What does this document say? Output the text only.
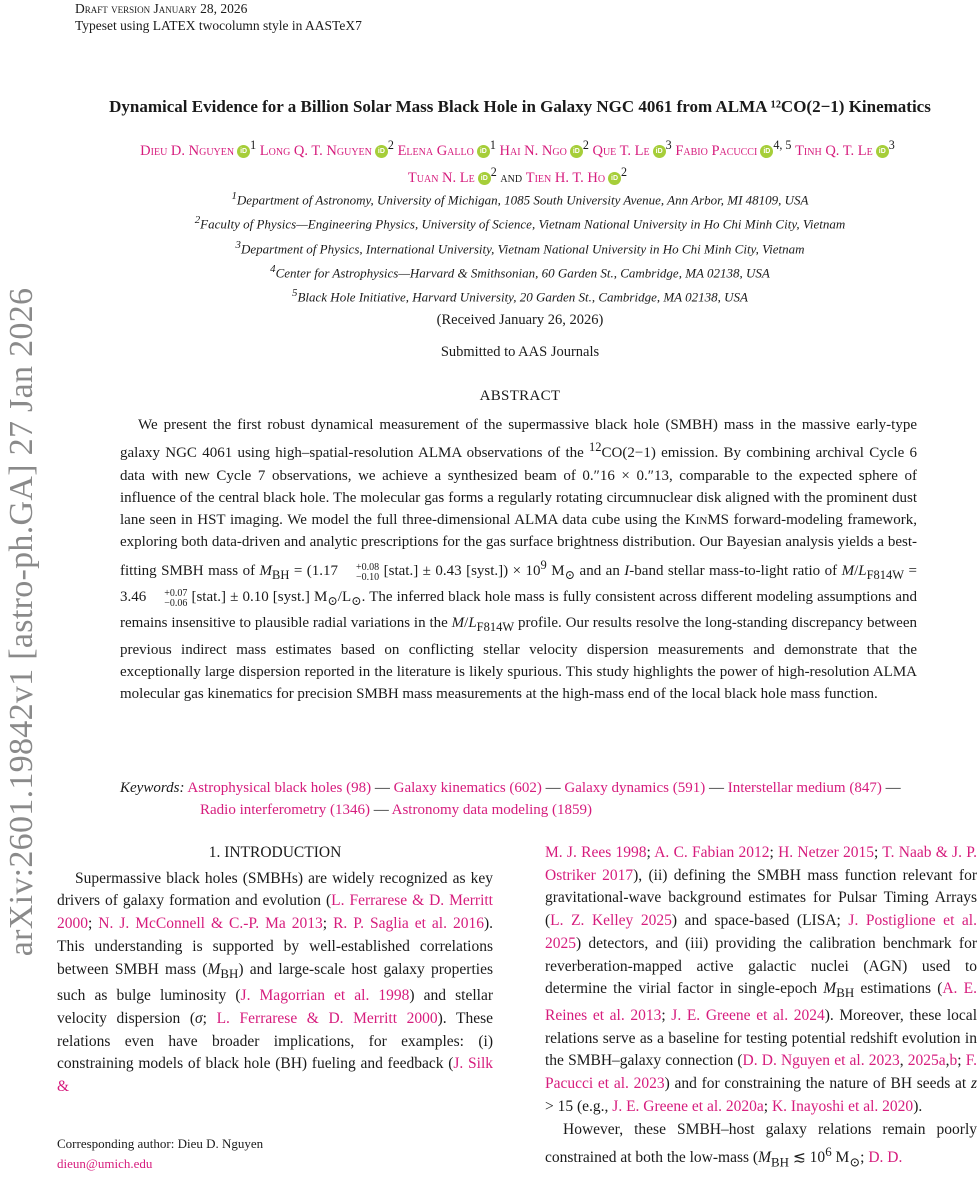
Draft version January 28, 2026
Typeset using LATEX twocolumn style in AASTeX7
arXiv:2601.19842v1 [astro-ph.GA] 27 Jan 2026
Dynamical Evidence for a Billion Solar Mass Black Hole in Galaxy NGC 4061 from ALMA ¹²CO(2−1) Kinematics
Dieu D. Nguyen iD $^1$ Long Q. T. Nguyen iD $^2$ Elena Gallo iD $^1$ Hai N. Ngo iD $^2$ Que T. Le iD $^3$ Fabio Pacucci iD $^{4, 5}$ Tinh Q. T. Le iD $^3$
Tuan N. Le iD $^2$ and Tien H. T. Ho iD $^2$
$^1$Department of Astronomy, University of Michigan, 1085 South University Avenue, Ann Arbor, MI 48109, USA
$^2$Faculty of Physics—Engineering Physics, University of Science, Vietnam National University in Ho Chi Minh City, Vietnam
$^3$Department of Physics, International University, Vietnam National University in Ho Chi Minh City, Vietnam
$^4$Center for Astrophysics—Harvard & Smithsonian, 60 Garden St., Cambridge, MA 02138, USA
$^5$Black Hole Initiative, Harvard University, 20 Garden St., Cambridge, MA 02138, USA
(Received January 26, 2026)
Submitted to AAS Journals
ABSTRACT

We present the first robust dynamical measurement of the supermassive black hole (SMBH) mass in the massive early-type galaxy NGC 4061 using high–spatial-resolution ALMA observations of the $^{12}$CO(2−1) emission. By combining archival Cycle 6 data with new Cycle 7 observations, we achieve a synthesized beam of 0.″16 × 0.″13, comparable to the expected sphere of influence of the central black hole. The molecular gas forms a regularly rotating circumnuclear disk aligned with the prominent dust lane seen in HST imaging. We model the full three-dimensional ALMA data cube using the KinMS forward-modeling framework, exploring both data-driven and analytic prescriptions for the gas surface brightness distribution. Our Bayesian analysis yields a best-fitting SMBH mass of $M_{BH} = (1.17$	+0.08
−0.10 [stat.] ± 0.43 [syst.]) × $10^9$ $M_⊙$ and an I-band stellar mass-to-light ratio of $M/L_{F814W} = 3.46$	+0.07
−0.06 [stat.] ± 0.10 [syst.] $M_⊙/L_⊙$. The inferred black hole mass is fully consistent across different modeling assumptions and remains insensitive to plausible radial variations in the $M/L_{F814W}$ profile. Our results resolve the long-standing discrepancy between previous indirect mass estimates based on conflicting stellar velocity dispersion measurements and demonstrate that the exceptionally large dispersion reported in the literature is likely spurious. This study highlights the power of high-resolution ALMA molecular gas kinematics for precision SMBH mass measurements at the high-mass end of the local black hole mass function.

Keywords: Astrophysical black holes (98) — Galaxy kinematics (602) — Galaxy dynamics (591) — Interstellar medium (847) — Radio interferometry (1346) — Astronomy data modeling (1859)
1. INTRODUCTION

Supermassive black holes (SMBHs) are widely recognized as key drivers of galaxy formation and evolution (L. Ferrarese & D. Merritt 2000; N. J. McConnell & C.-P. Ma 2013; R. P. Saglia et al. 2016). This understanding is supported by well-established correlations between SMBH mass $(M_{BH})$ and large-scale host galaxy properties such as bulge luminosity (J. Magorrian et al. 1998) and stellar velocity dispersion (σ; L. Ferrarese & D. Merritt 2000). These relations even have broader implications, for examples: (i) constraining models of black hole (BH) fueling and feedback (J. Silk &

M. J. Rees 1998; A. C. Fabian 2012; H. Netzer 2015; T. Naab & J. P. Ostriker 2017), (ii) defining the SMBH mass function relevant for gravitational-wave background estimates for Pulsar Timing Arrays (L. Z. Kelley 2025) and space-based (LISA; J. Postiglione et al. 2025) detectors, and (iii) providing the calibration benchmark for reverberation-mapped active galactic nuclei (AGN) used to determine the virial factor in single-epoch $M_{BH}$ estimations (A. E. Reines et al. 2013; J. E. Greene et al. 2024). Moreover, these local relations serve as a baseline for testing potential redshift evolution in the SMBH–galaxy connection (D. D. Nguyen et al. 2023, 2025a,b; F. Pacucci et al. 2023) and for constraining the nature of BH seeds at z > 15 (e.g., J. E. Greene et al. 2020a; K. Inayoshi et al. 2020).

However, these SMBH–host galaxy relations remain poorly constrained at both the low-mass ($M_{BH}$ ≲ $10^6$ $M_⊙$; D. D.

Corresponding author: Dieu D. Nguyen
dieun@umich.edu
